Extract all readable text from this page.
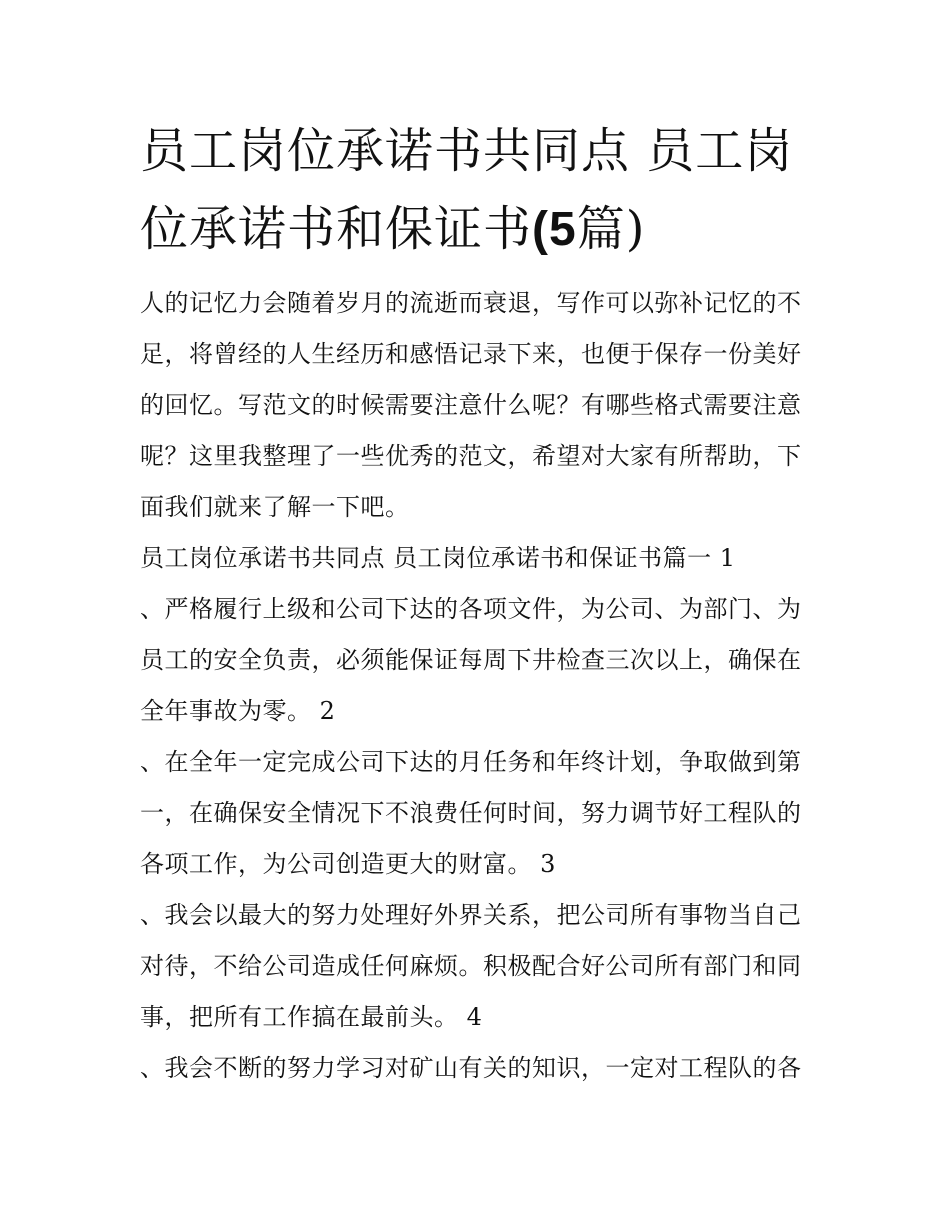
员工岗位承诺书共同点 员工岗
位承诺书和保证书(5篇)

人的记忆力会随着岁月的流逝而衰退，写作可以弥补记忆的不
足，将曾经的人生经历和感悟记录下来，也便于保存一份美好
的回忆。写范文的时候需要注意什么呢？有哪些格式需要注意
呢？这里我整理了一些优秀的范文，希望对大家有所帮助，下
面我们就来了解一下吧。

员工岗位承诺书共同点 员工岗位承诺书和保证书篇一 1

、严格履行上级和公司下达的各项文件，为公司、为部门、为
员工的安全负责，必须能保证每周下井检查三次以上，确保在
全年事故为零。 2

、在全年一定完成公司下达的月任务和年终计划，争取做到第
一，在确保安全情况下不浪费任何时间，努力调节好工程队的
各项工作，为公司创造更大的财富。 3

、我会以最大的努力处理好外界关系，把公司所有事物当自己
对待，不给公司造成任何麻烦。积极配合好公司所有部门和同
事，把所有工作搞在最前头。 4

、我会不断的努力学习对矿山有关的知识，一定对工程队的各
